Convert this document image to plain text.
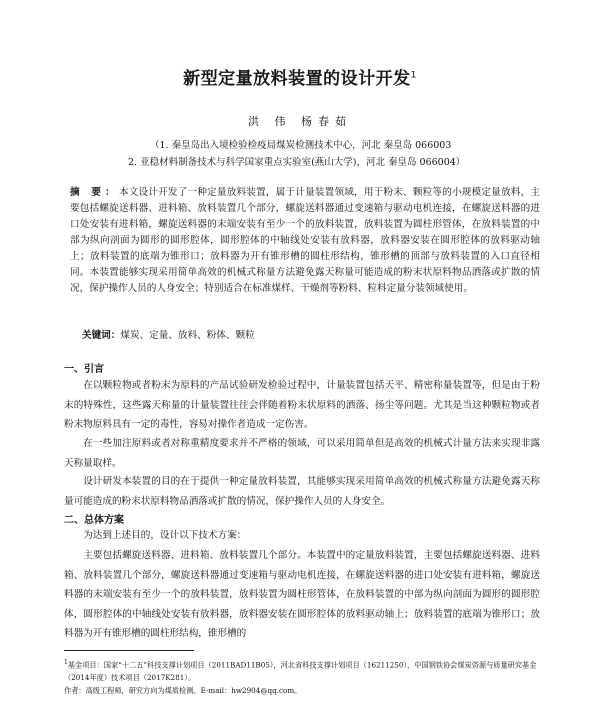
新型定量放料装置的设计开发$^1$
洪 伟 杨春茹
（1. 秦皇岛出入境检验检疫局煤炭检测技术中心，河北 秦皇岛 066003
2. 亚稳材料制备技术与科学国家重点实验室(燕山大学)，河北 秦皇岛 066004）
摘 要：本文设计开发了一种定量放料装置，属于计量装置领域，用于粉末、颗粒等的小规模定量放料，主要包括螺旋送料器、进料箱、放料装置几个部分，螺旋送料器通过变速箱与驱动电机连接，在螺旋送料器的进口处安装有进料箱，螺旋送料器的末端安装有至少一个的放料装置，放料装置为圆柱形管体，在放料装置的中部为纵向剖面为圆形的圆形腔体，圆形腔体的中轴线处安装有放料器，放料器安装在圆形腔体的放料驱动轴上；放料装置的底端为锥形口；放料器为开有锥形槽的圆柱形结构，锥形槽的顶部与放料装置的入口直径相同。本装置能够实现采用简单高效的机械式称量方法避免露天称量可能造成的粉末状原料物品洒落或扩散的情况，保护操作人员的人身安全；特别适合在标准煤样、干燥剂等粉料、粒料定量分装领域使用。
关键词：煤炭、定量、放料、粉体、颗粒
一、引言
在以颗粒物或者粉末为原料的产品试验研发检验过程中，计量装置包括天平、精密称量装置等，但是由于粉末的特殊性，这些露天称量的计量装置往往会伴随着粉末状原料的洒落、扬尘等问题。尤其是当这种颗粒物或者粉末物原料具有一定的毒性，容易对操作者造成一定伤害。
在一些加注原料或者对称重精度要求并不严格的领域，可以采用简单但是高效的机械式计量方法来实现非露天称量取样。
设计研发本装置的目的在于提供一种定量放料装置，其能够实现采用简单高效的机械式称量方法避免露天称量可能造成的粉末状原料物品洒落或扩散的情况，保护操作人员的人身安全。
二、总体方案
为达到上述目的，设计以下技术方案：
主要包括螺旋送料器、进料箱、放料装置几个部分。本装置中的定量放料装置，主要包括螺旋送料器、进料箱、放料装置几个部分，螺旋送料器通过变速箱与驱动电机连接，在螺旋送料器的进口处安装有进料箱，螺旋送料器的末端安装有至少一个的放料装置，放料装置为圆柱形管体，在放料装置的中部为纵向剖面为圆形的圆形腔体，圆形腔体的中轴线处安装有放料器，放料器安装在圆形腔体的放料驱动轴上；放料装置的底端为锥形口；放料器为开有锥形槽的圆柱形结构，锥形槽的
$^1$基金项目：国家“十二五”科技支撑计划项目（2011BAD11B05），河北省科技支撑计划项目（16211250），中国钢铁协会煤炭资源与质量研究基金（2014年度）技术项目（2017K281）。
作者：高级工程师，研究方向为煤质检测。E-mail：hw2904@qq.com。
